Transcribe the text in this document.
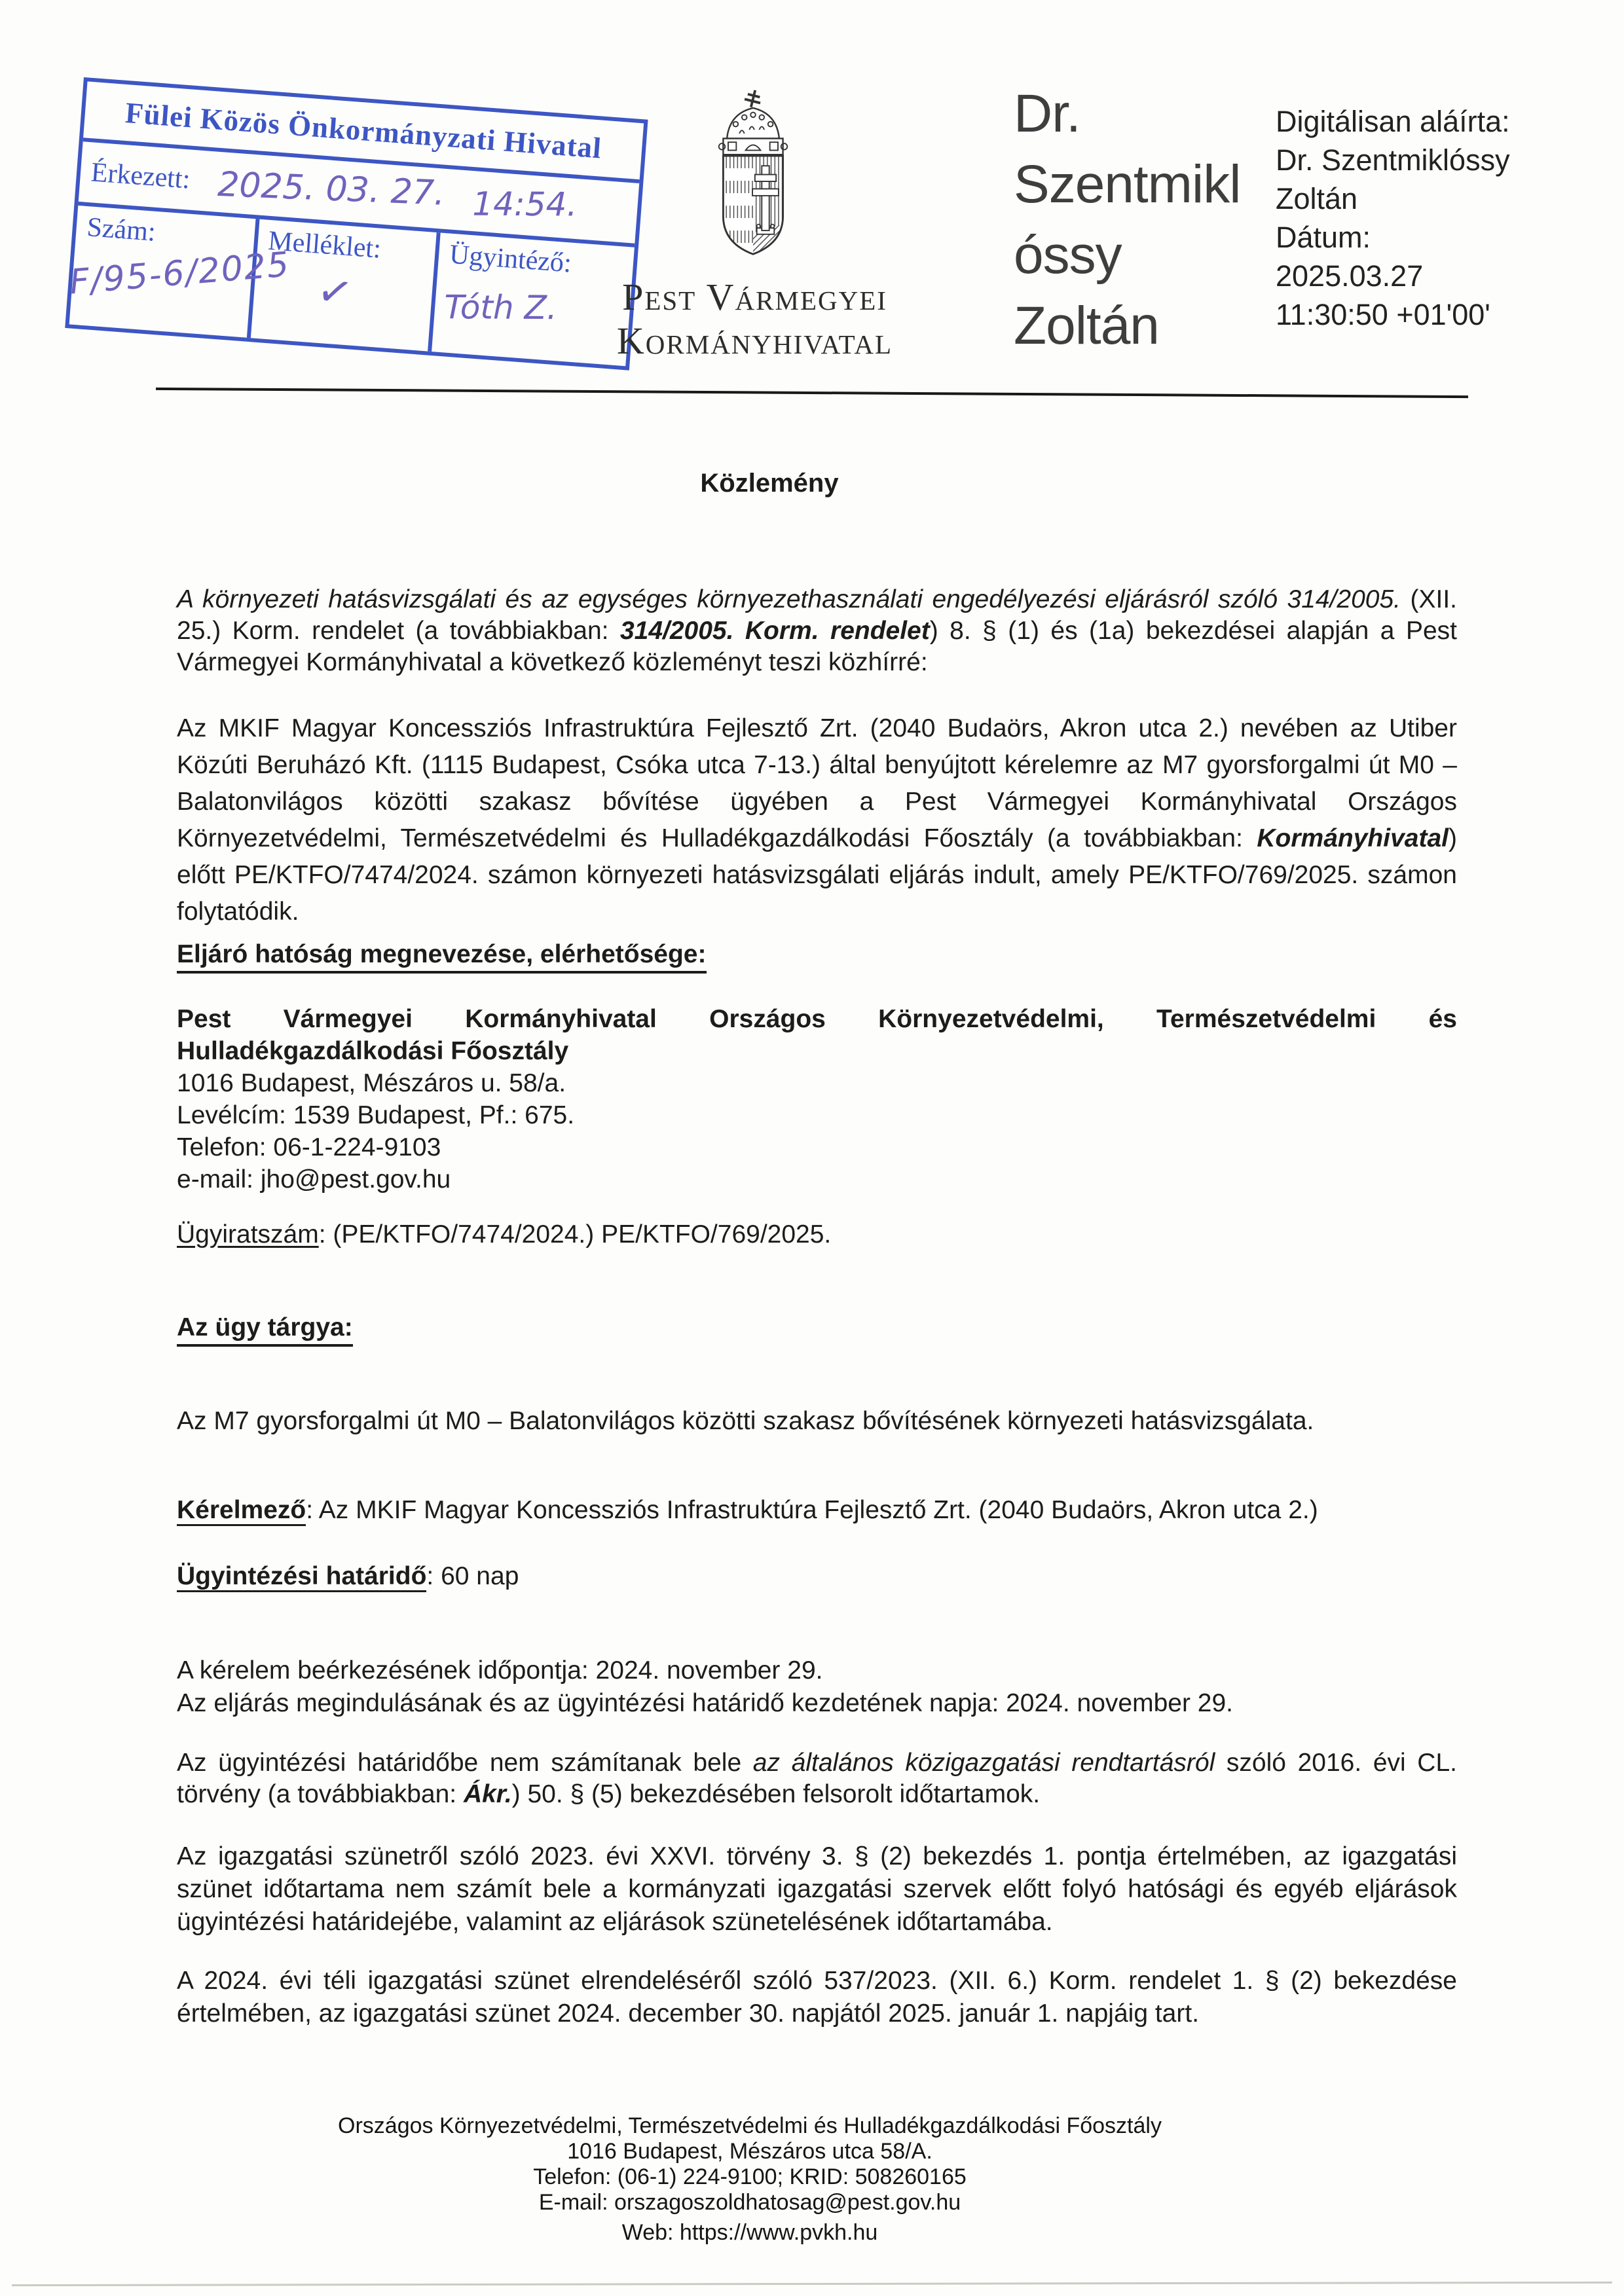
Fülei Közös Önkormányzati Hivatal
Érkezett: 2025. 03. 27. 14:54.
Szám:
F/95-6/2025
Melléklet:
✓
Ügyintéző:
Tóth Z.	Pest Vármegyei
Kormányhivatal
Dr.
Szentmikl
óssy
Zoltán
Digitálisan aláírta:
Dr. Szentmiklóssy
Zoltán
Dátum:
2025.03.27
11:30:50 +01'00'
Közlemény

A környezeti hatásvizsgálati és az egységes környezethasználati engedélyezési eljárásról szóló 314/2005. (XII. 25.) Korm. rendelet (a továbbiakban: 314/2005. Korm. rendelet) 8. § (1) és (1a) bekezdései alapján a Pest Vármegyei Kormányhivatal a következő közleményt teszi közhírré:

Az MKIF Magyar Koncessziós Infrastruktúra Fejlesztő Zrt. (2040 Budaörs, Akron utca 2.) nevében az Utiber Közúti Beruházó Kft. (1115 Budapest, Csóka utca 7-13.) által benyújtott kérelemre az M7 gyorsforgalmi út M0 – Balatonvilágos közötti szakasz bővítése ügyében a Pest Vármegyei Kormányhivatal Országos Környezetvédelmi, Természetvédelmi és Hulladékgazdálkodási Főosztály (a továbbiakban: Kormányhivatal) előtt PE/KTFO/7474/2024. számon környezeti hatásvizsgálati eljárás indult, amely PE/KTFO/769/2025. számon folytatódik.

Eljáró hatóság megnevezése, elérhetősége:
Pest Vármegyei Kormányhivatal Országos Környezetvédelmi, Természetvédelmi és
Hulladékgazdálkodási Főosztály
1016 Budapest, Mészáros u. 58/a.
Levélcím: 1539 Budapest, Pf.: 675.
Telefon: 06-1-224-9103
e-mail: jho@pest.gov.hu
Ügyiratszám: (PE/KTFO/7474/2024.) PE/KTFO/769/2025.
Az ügy tárgya:

Az M7 gyorsforgalmi út M0 – Balatonvilágos közötti szakasz bővítésének környezeti hatásvizsgálata.

Kérelmező: Az MKIF Magyar Koncessziós Infrastruktúra Fejlesztő Zrt. (2040 Budaörs, Akron utca 2.)

Ügyintézési határidő: 60 nap

A kérelem beérkezésének időpontja: 2024. november 29.
Az eljárás megindulásának és az ügyintézési határidő kezdetének napja: 2024. november 29.

Az ügyintézési határidőbe nem számítanak bele az általános közigazgatási rendtartásról szóló 2016. évi CL. törvény (a továbbiakban: Ákr.) 50. § (5) bekezdésében felsorolt időtartamok.

Az igazgatási szünetről szóló 2023. évi XXVI. törvény 3. § (2) bekezdés 1. pontja értelmében, az igazgatási szünet időtartama nem számít bele a kormányzati igazgatási szervek előtt folyó hatósági és egyéb eljárások ügyintézési határidejébe, valamint az eljárások szünetelésének időtartamába.

A 2024. évi téli igazgatási szünet elrendeléséről szóló 537/2023. (XII. 6.) Korm. rendelet 1. § (2) bekezdése értelmében, az igazgatási szünet 2024. december 30. napjától 2025. január 1. napjáig tart.

Országos Környezetvédelmi, Természetvédelmi és Hulladékgazdálkodási Főosztály
1016 Budapest, Mészáros utca 58/A.
Telefon: (06-1) 224-9100; KRID: 508260165
E-mail: orszagoszoldhatosag@pest.gov.hu
Web: https://www.pvkh.hu
